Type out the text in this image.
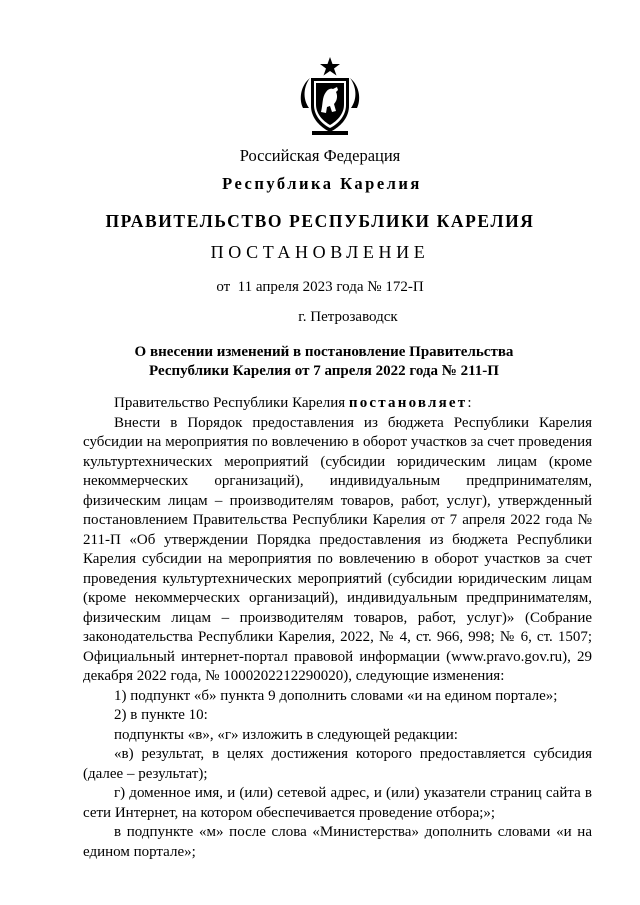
Российская Федерация
Республика Карелия
ПРАВИТЕЛЬСТВО РЕСПУБЛИКИ КАРЕЛИЯ
ПОСТАНОВЛЕНИЕ
от  11 апреля 2023 года № 172-П
г. Петрозаводск
О внесении изменений в постановление Правительства
Республики Карелия от 7 апреля 2022 года № 211-П

Правительство Республики Карелия постановляет:

Внести в Порядок предоставления из бюджета Республики Карелия субсидии на мероприятия по вовлечению в оборот участков за счет проведения культуртехнических мероприятий (субсидии юридическим лицам (кроме некоммерческих организаций), индивидуальным предпринимателям, физическим лицам – производителям товаров, работ, услуг), утвержденный постановлением Правительства Республики Карелия от 7 апреля 2022 года № 211-П «Об утверждении Порядка предоставления из бюджета Республики Карелия субсидии на мероприятия по вовлечению в оборот участков за счет проведения культуртехнических мероприятий (субсидии юридическим лицам (кроме некоммерческих организаций), индивидуальным предпринимателям, физическим лицам – производителям товаров, работ, услуг)» (Собрание законодательства Республики Карелия, 2022, № 4, ст. 966, 998; № 6, ст. 1507; Официальный интернет-портал правовой информации (www.pravo.gov.ru), 29 декабря 2022 года, № 1000202212290020), следующие изменения:

1) подпункт «б» пункта 9 дополнить словами «и на едином портале»;

2) в пункте 10:

подпункты «в», «г» изложить в следующей редакции:

«в) результат, в целях достижения которого предоставляется субсидия (далее – результат);

г) доменное имя, и (или) сетевой адрес, и (или) указатели страниц сайта в сети Интернет, на котором обеспечивается проведение отбора;»;

в подпункте «м» после слова «Министерства» дополнить словами «и на едином портале»;
